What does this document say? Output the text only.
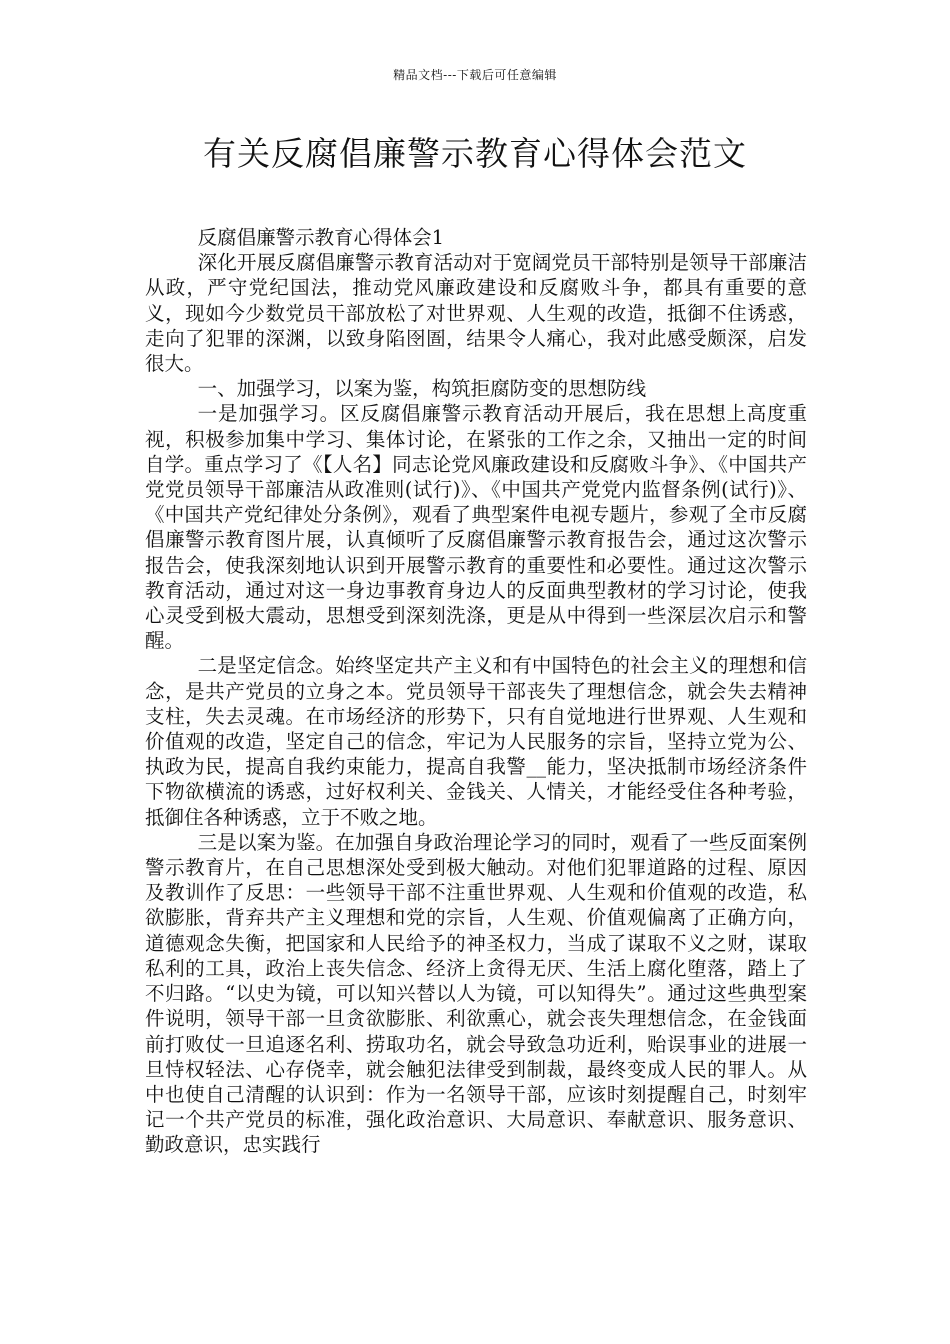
精品文档---下载后可任意编辑
有关反腐倡廉警示教育心得体会范文

反腐倡廉警示教育心得体会1

深化开展反腐倡廉警示教育活动对于宽阔党员干部特别是领导干部廉洁从政，严守党纪国法，推动党风廉政建设和反腐败斗争，都具有重要的意义，现如今少数党员干部放松了对世界观、人生观的改造，抵御不住诱惑，走向了犯罪的深渊，以致身陷囹圄，结果令人痛心，我对此感受颇深，启发很大。

一、加强学习，以案为鉴，构筑拒腐防变的思想防线

一是加强学习。区反腐倡廉警示教育活动开展后，我在思想上高度重视，积极参加集中学习、集体讨论，在紧张的工作之余，又抽出一定的时间自学。重点学习了《【人名】同志论党风廉政建设和反腐败斗争》、《中国共产党党员领导干部廉洁从政准则(试行)》、《中国共产党党内监督条例(试行)》、《中国共产党纪律处分条例》，观看了典型案件电视专题片，参观了全市反腐倡廉警示教育图片展，认真倾听了反腐倡廉警示教育报告会，通过这次警示报告会，使我深刻地认识到开展警示教育的重要性和必要性。通过这次警示教育活动，通过对这一身边事教育身边人的反面典型教材的学习讨论，使我心灵受到极大震动，思想受到深刻洗涤，更是从中得到一些深层次启示和警醒。

二是坚定信念。始终坚定共产主义和有中国特色的社会主义的理想和信念，是共产党员的立身之本。党员领导干部丧失了理想信念，就会失去精神支柱，失去灵魂。在市场经济的形势下，只有自觉地进行世界观、人生观和价值观的改造，坚定自己的信念，牢记为人民服务的宗旨，坚持立党为公、执政为民，提高自我约束能力，提高自我警__能力，坚决抵制市场经济条件下物欲横流的诱惑，过好权利关、金钱关、人情关，才能经受住各种考验，抵御住各种诱惑，立于不败之地。

三是以案为鉴。在加强自身政治理论学习的同时，观看了一些反面案例警示教育片，在自己思想深处受到极大触动。对他们犯罪道路的过程、原因及教训作了反思：一些领导干部不注重世界观、人生观和价值观的改造，私欲膨胀，背弃共产主义理想和党的宗旨，人生观、价值观偏离了正确方向，道德观念失衡，把国家和人民给予的神圣权力，当成了谋取不义之财，谋取私利的工具，政治上丧失信念、经济上贪得无厌、生活上腐化堕落，踏上了不归路。“以史为镜，可以知兴替以人为镜，可以知得失”。通过这些典型案件说明，领导干部一旦贪欲膨胀、利欲熏心，就会丧失理想信念，在金钱面前打败仗一旦追逐名利、捞取功名，就会导致急功近利，贻误事业的进展一旦恃权轻法、心存侥幸，就会触犯法律受到制裁，最终变成人民的罪人。从中也使自己清醒的认识到：作为一名领导干部，应该时刻提醒自己，时刻牢记一个共产党员的标准，强化政治意识、大局意识、奉献意识、服务意识、勤政意识，忠实践行
